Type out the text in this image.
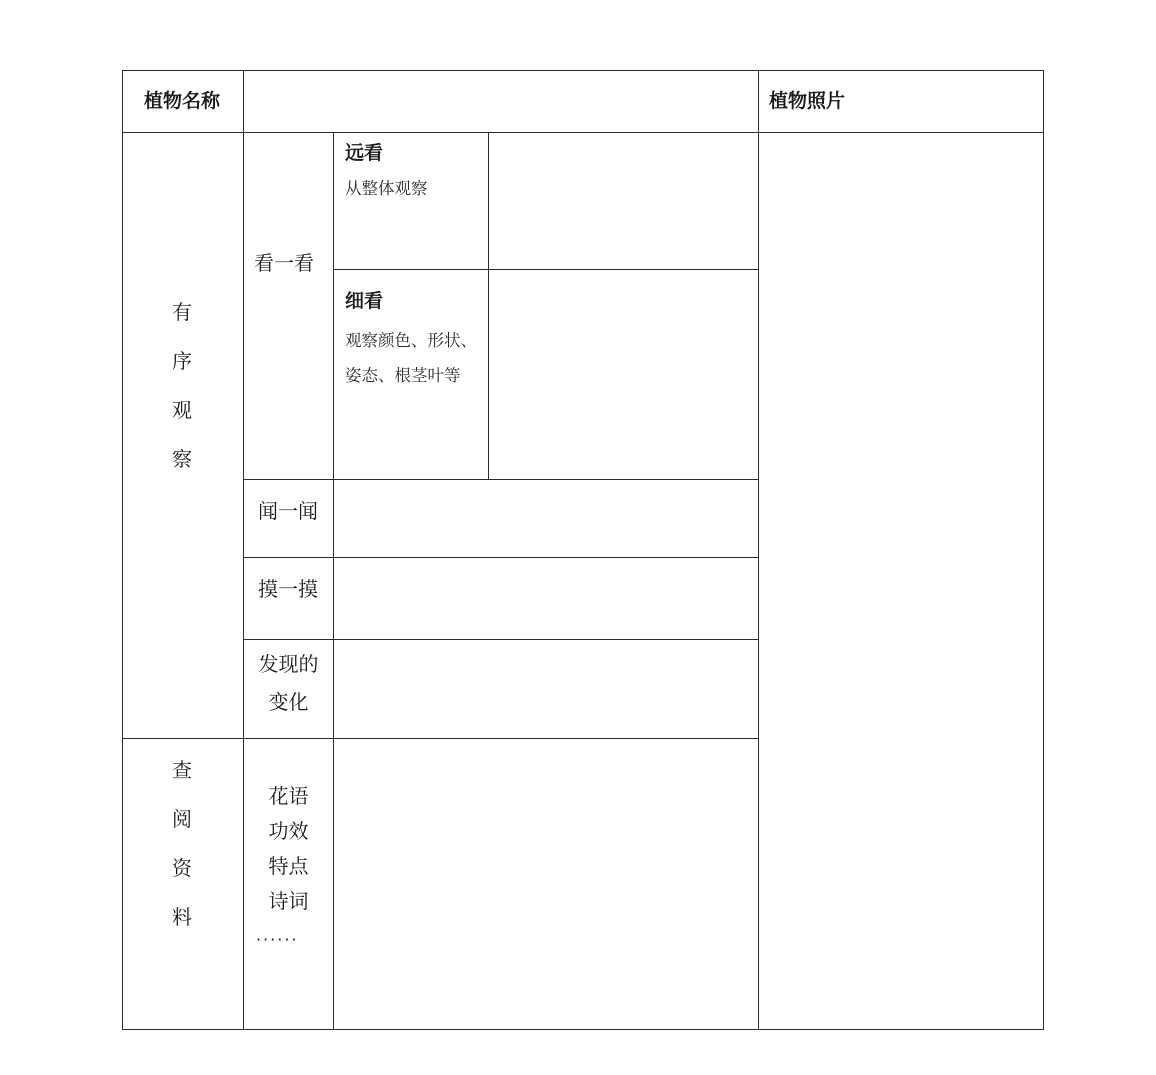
植物名称	植物照片
有
序
观
察
看一看
远看
从整体观察
细看
观察颜色、形状、
姿态、根茎叶等
闻一闻
摸一摸
发现的
变化
查
阅
资
料
花语
功效
特点
诗词
······
